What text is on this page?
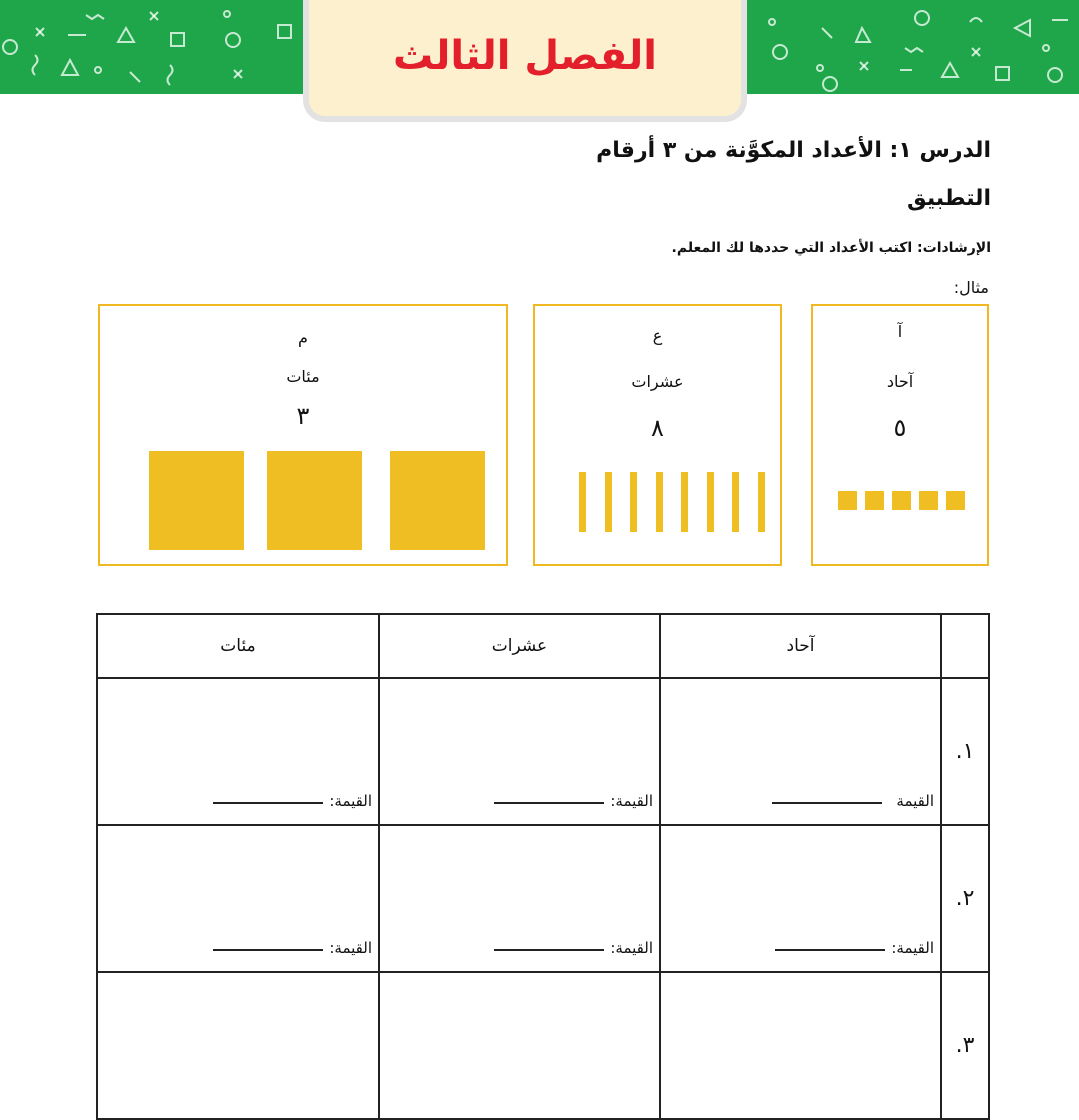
الفصل الثالث
الدرس ١: الأعداد المكوَّنة من ٣ أرقام
التطبيق
الإرشادات: اكتب الأعداد التي حددها لك المعلم.
مثال:
آ
آحاد
٥
ع
عشرات
٨
م
مئات
٣
مئات	عشرات	آحاد	

القيمة:	القيمة:	القيمة	١.

القيمة:	القيمة:	القيمة:	٢.
			٣.
